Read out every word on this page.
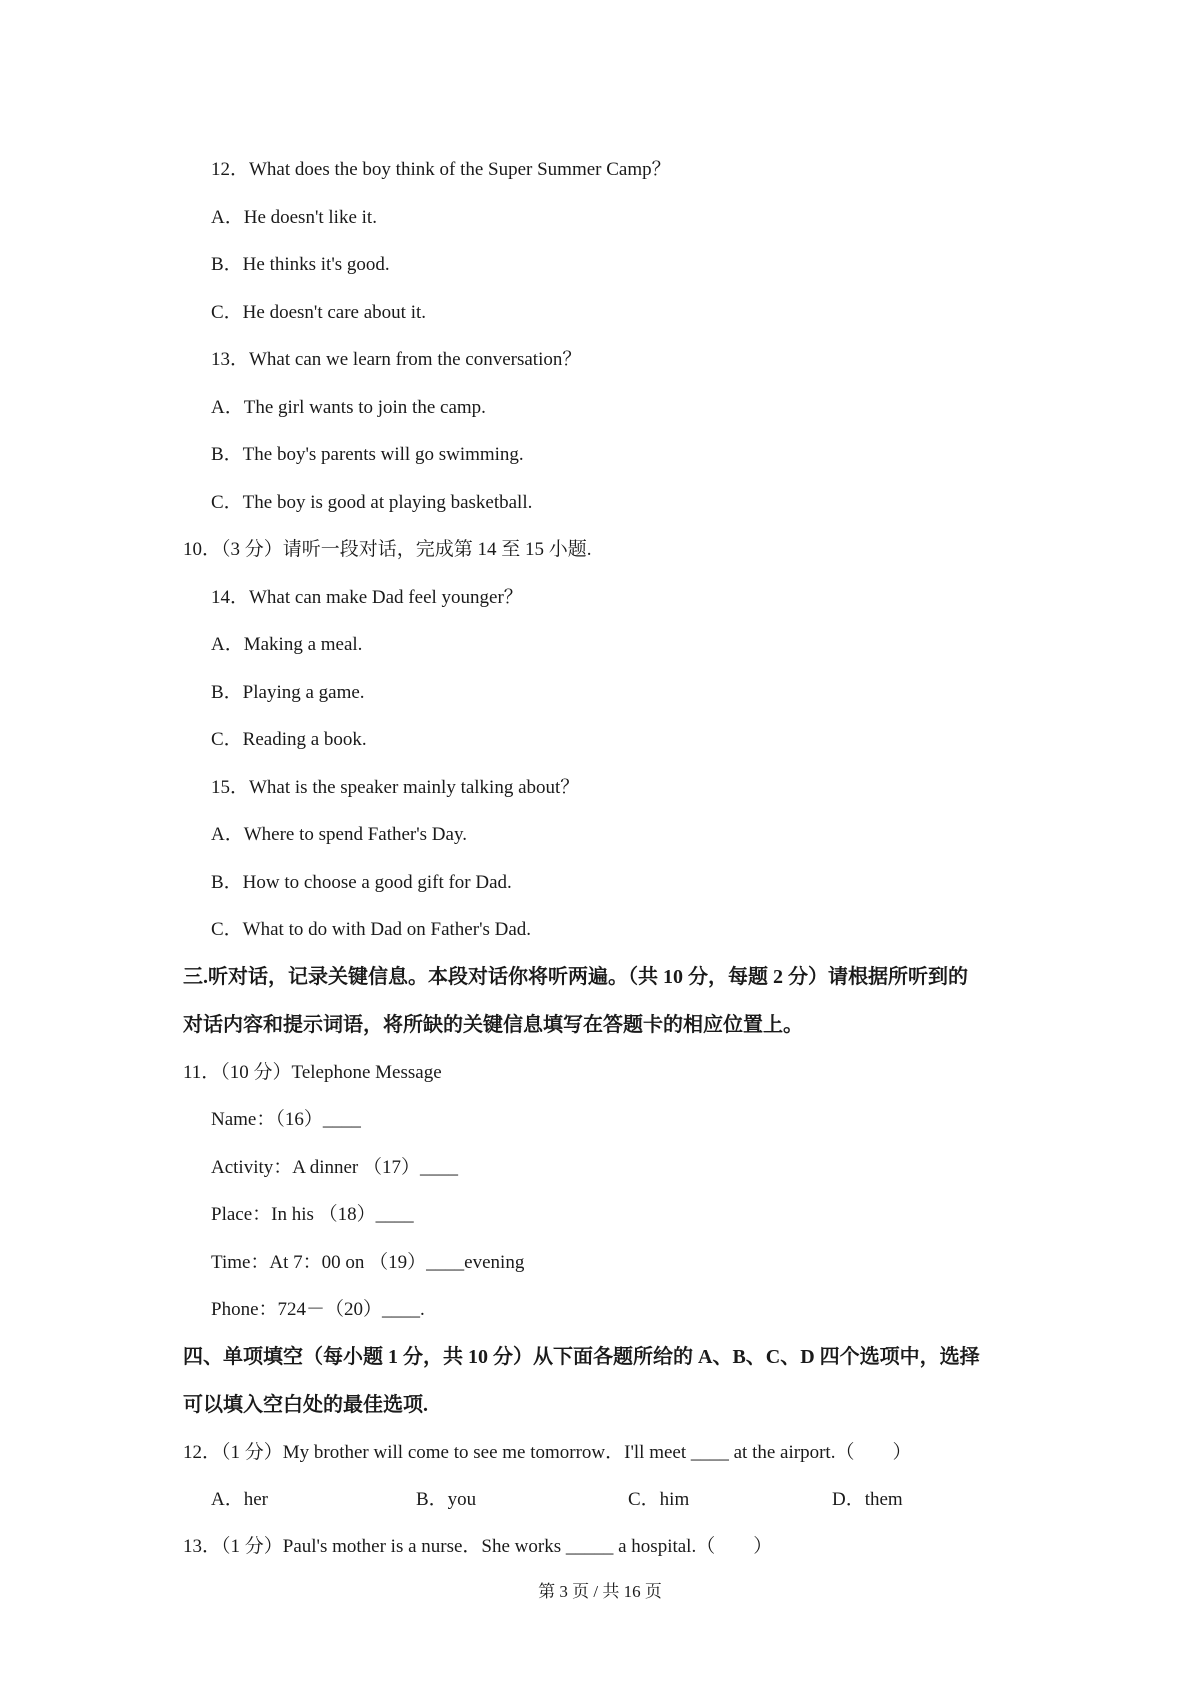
12．What does the boy think of the Super Summer Camp？
A．He doesn't like it.
B．He thinks it's good.
C．He doesn't care about it.
13．What can we learn from the conversation？
A．The girl wants to join the camp.
B．The boy's parents will go swimming.
C．The boy is good at playing basketball.
10．（3 分）请听一段对话，完成第 14 至 15 小题.
14．What can make Dad feel younger？
A．Making a meal.
B．Playing a game.
C．Reading a book.
15．What is the speaker mainly talking about？
A．Where to spend Father's Day.
B．How to choose a good gift for Dad.
C．What to do with Dad on Father's Dad.
三.听对话，记录关键信息。本段对话你将听两遍。（共 10 分，每题 2 分）请根据所听到的
对话内容和提示词语，将所缺的关键信息填写在答题卡的相应位置上。
11．（10 分）Telephone Message
Name：（16）____
Activity：A dinner （17）____
Place：In his （18）____
Time：At 7：00 on （19）____evening
Phone：724－（20）____.
四、单项填空（每小题 1 分，共 10 分）从下面各题所给的 A、B、C、D 四个选项中，选择
可以填入空白处的最佳选项.
12．（1 分）My brother will come to see me tomorrow．I'll meet ____ at the airport.（　　）
A．her	B．you	C．him	D．them
13．（1 分）Paul's mother is a nurse．She works _____ a hospital.（　　）
第 3 页 / 共 16 页
